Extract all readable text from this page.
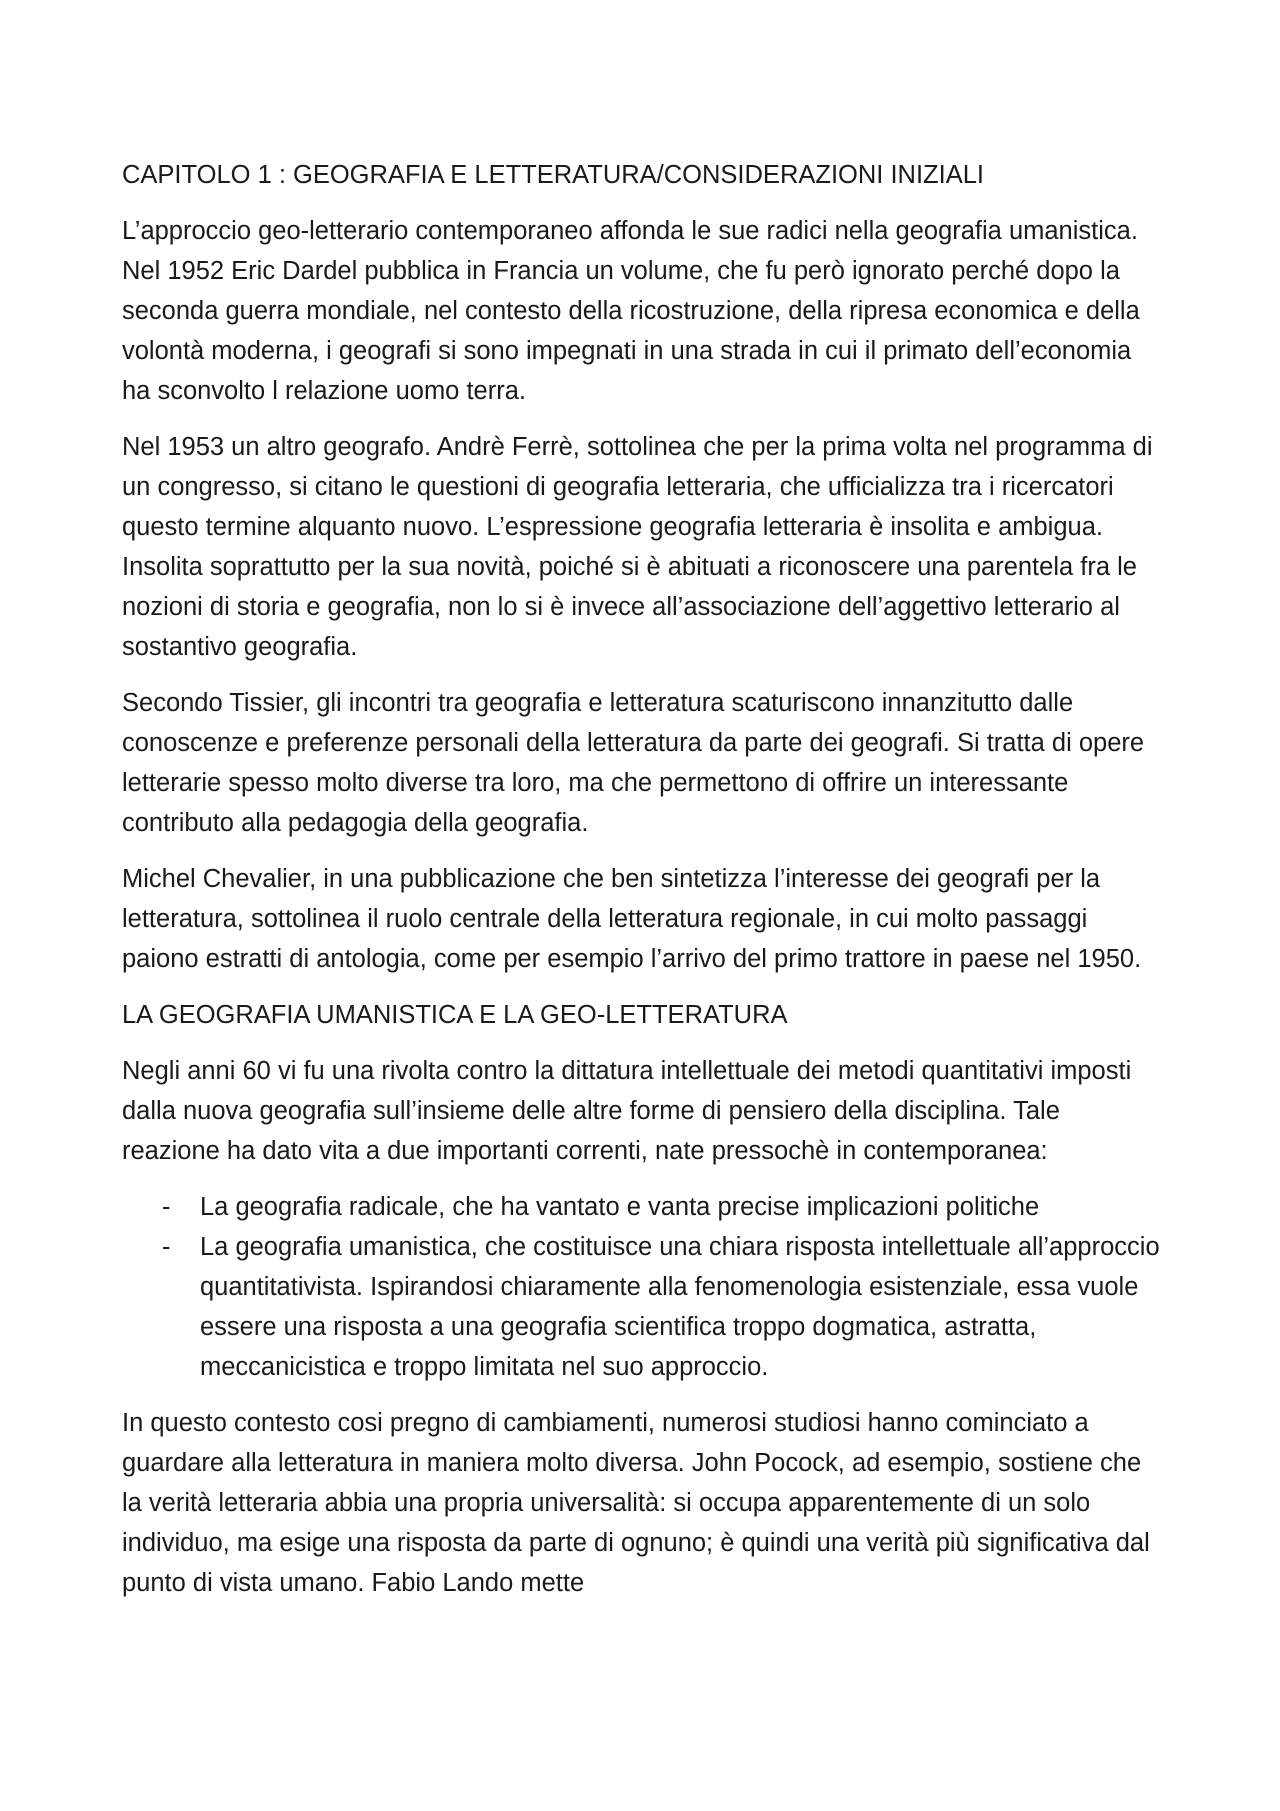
CAPITOLO 1 : GEOGRAFIA E LETTERATURA/CONSIDERAZIONI INIZIALI

L’approccio geo-letterario contemporaneo affonda le sue radici nella geografia umanistica. Nel 1952 Eric Dardel pubblica in Francia un volume, che fu però ignorato perché dopo la seconda guerra mondiale, nel contesto della ricostruzione, della ripresa economica e della volontà moderna, i geografi si sono impegnati in una strada in cui il primato dell’economia ha sconvolto l relazione uomo terra.

Nel 1953 un altro geografo. Andrè Ferrè, sottolinea che per la prima volta nel programma di un congresso, si citano le questioni di geografia letteraria, che ufficializza tra i ricercatori questo termine alquanto nuovo. L’espressione geografia letteraria è insolita e ambigua. Insolita soprattutto per la sua novità, poiché si è abituati a riconoscere una parentela fra le nozioni di storia e geografia, non lo si è invece all’associazione dell’aggettivo letterario al sostantivo geografia.

Secondo Tissier, gli incontri tra geografia e letteratura scaturiscono innanzitutto dalle conoscenze e preferenze personali della letteratura da parte dei geografi. Si tratta di opere letterarie spesso molto diverse tra loro, ma che permettono di offrire un interessante contributo alla pedagogia della geografia.

Michel Chevalier, in una pubblicazione che ben sintetizza l’interesse dei geografi per la letteratura, sottolinea il ruolo centrale della letteratura regionale, in cui molto passaggi paiono estratti di antologia, come per esempio l’arrivo del primo trattore in paese nel 1950.

LA GEOGRAFIA UMANISTICA E LA GEO-LETTERATURA

Negli anni 60 vi fu una rivolta contro la dittatura intellettuale dei metodi quantitativi imposti dalla nuova geografia sull’insieme delle altre forme di pensiero della disciplina. Tale reazione ha dato vita a due importanti correnti, nate pressochè in contemporanea:

- La geografia radicale, che ha vantato e vanta precise implicazioni politiche
- La geografia umanistica, che costituisce una chiara risposta intellettuale all’approccio quantitativista. Ispirandosi chiaramente alla fenomenologia esistenziale, essa vuole essere una risposta a una geografia scientifica troppo dogmatica, astratta, meccanicistica e troppo limitata nel suo approccio.

In questo contesto cosi pregno di cambiamenti, numerosi studiosi hanno cominciato a guardare alla letteratura in maniera molto diversa. John Pocock, ad esempio, sostiene che la verità letteraria abbia una propria universalità: si occupa apparentemente di un solo individuo, ma esige una risposta da parte di ognuno; è quindi una verità più significativa dal punto di vista umano. Fabio Lando mette
